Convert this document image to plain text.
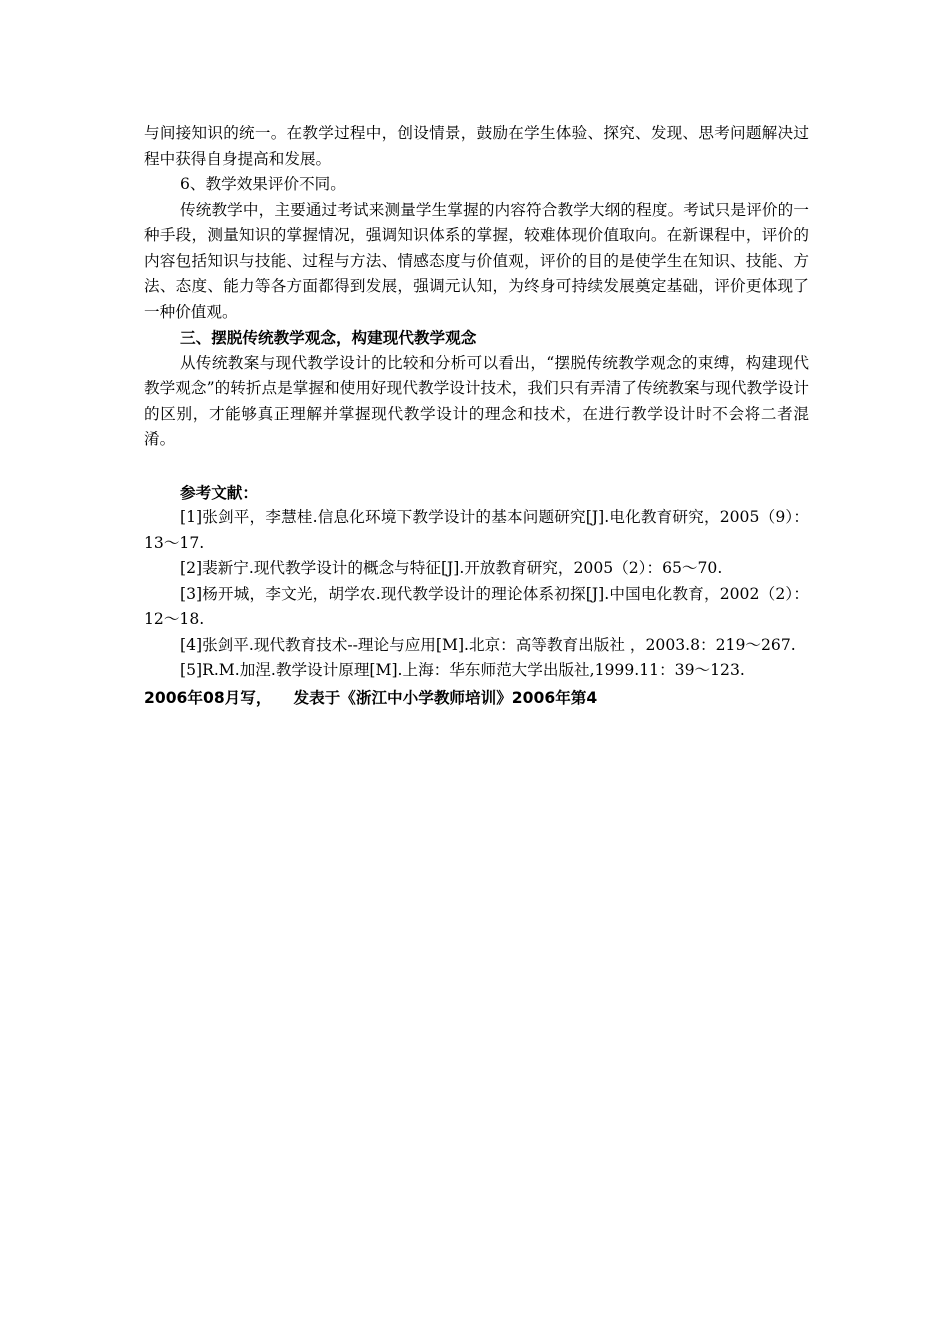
与间接知识的统一。在教学过程中，创设情景，鼓励在学生体验、探究、发现、思考问题解决过程中获得自身提高和发展。

6、教学效果评价不同。

传统教学中，主要通过考试来测量学生掌握的内容符合教学大纲的程度。考试只是评价的一种手段，测量知识的掌握情况，强调知识体系的掌握，较难体现价值取向。在新课程中，评价的内容包括知识与技能、过程与方法、情感态度与价值观，评价的目的是使学生在知识、技能、方法、态度、能力等各方面都得到发展，强调元认知，为终身可持续发展奠定基础，评价更体现了一种价值观。

三、摆脱传统教学观念，构建现代教学观念

从传统教案与现代教学设计的比较和分析可以看出，“摆脱传统教学观念的束缚，构建现代教学观念”的转折点是掌握和使用好现代教学设计技术，我们只有弄清了传统教案与现代教学设计的区别，才能够真正理解并掌握现代教学设计的理念和技术，在进行教学设计时不会将二者混淆。

参考文献：

[1]张剑平，李慧桂.信息化环境下教学设计的基本问题研究[J].电化教育研究，2005（9）：13～17.

[2]裴新宁.现代教学设计的概念与特征[J].开放教育研究，2005（2）：65～70.

[3]杨开城，李文光，胡学农.现代教学设计的理论体系初探[J].中国电化教育，2002（2）：12～18.

[4]张剑平.现代教育技术--理论与应用[M].北京：高等教育出版社 ，2003.8：219～267.

[5]R.M.加涅.教学设计原理[M].上海：华东师范大学出版社,1999.11：39～123.

2006年08月写， 发表于《浙江中小学教师培训》2006年第4
